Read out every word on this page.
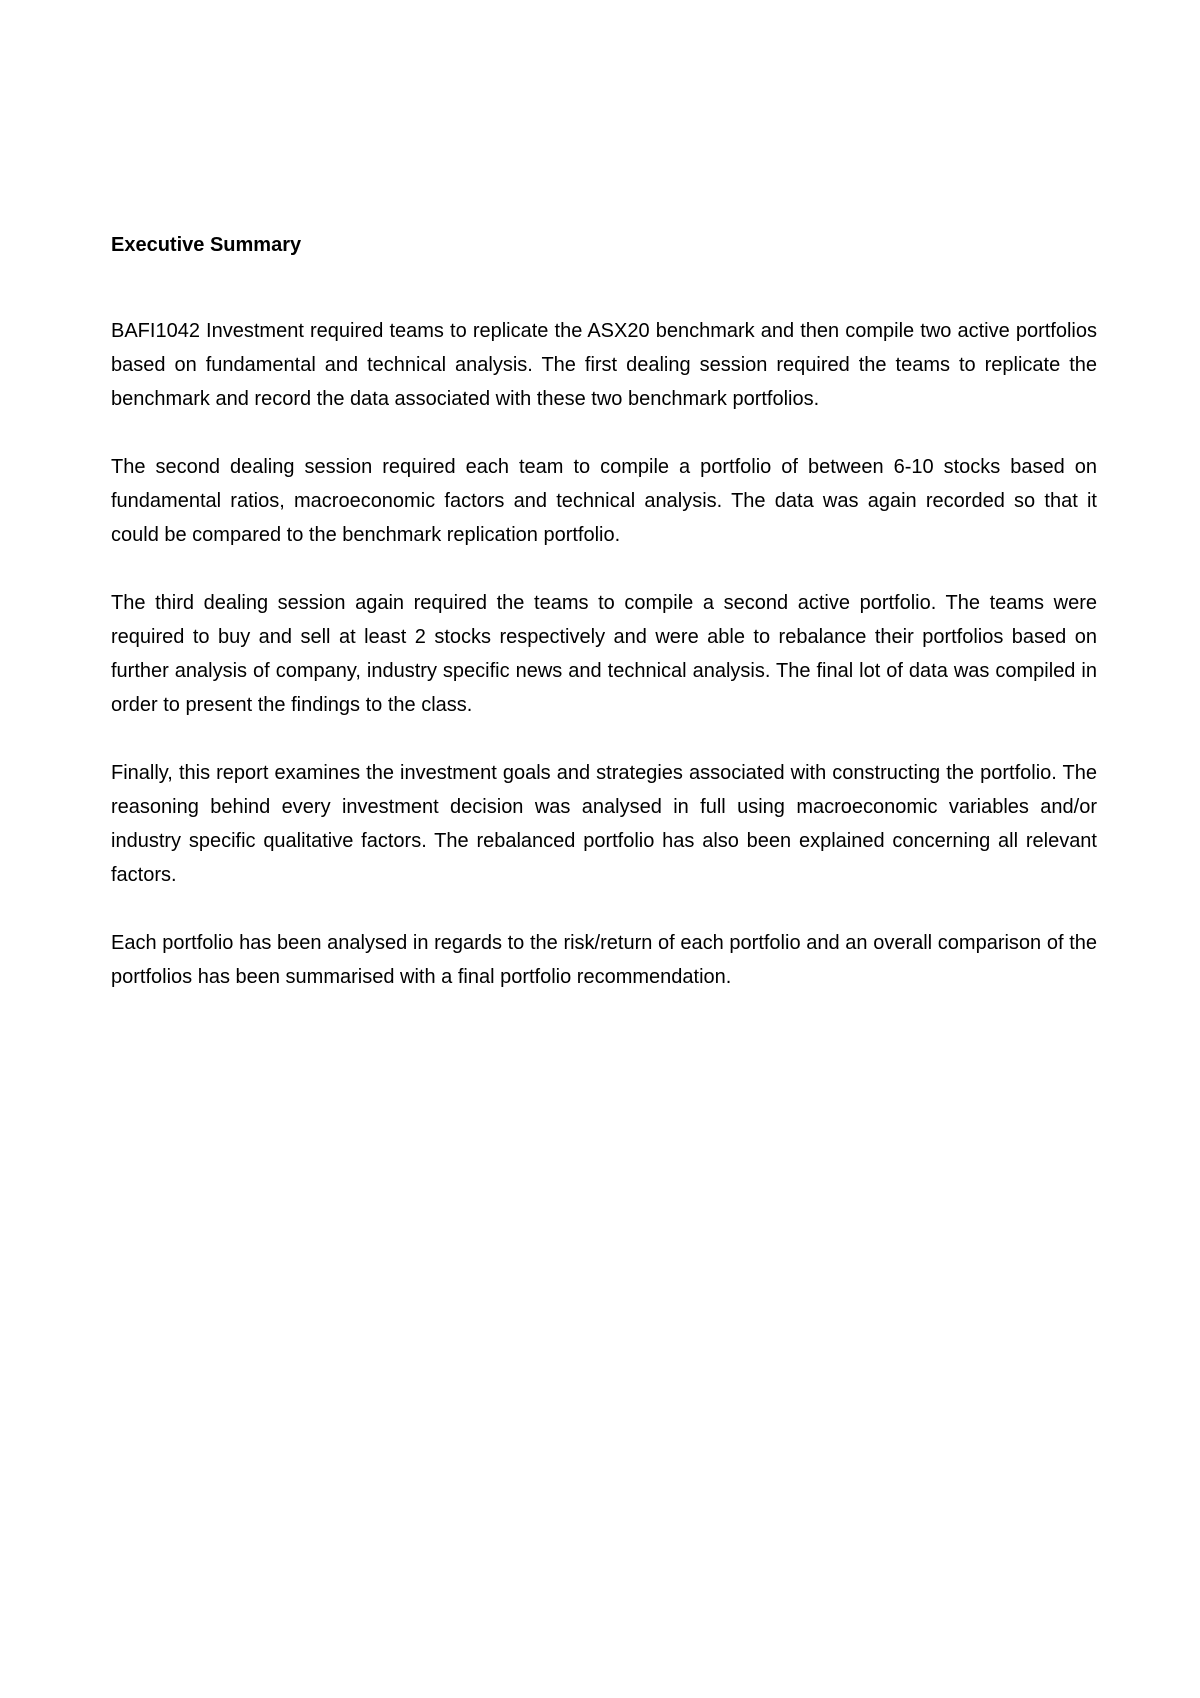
Executive Summary

BAFI1042 Investment required teams to replicate the ASX20 benchmark and then compile two active portfolios based on fundamental and technical analysis. The first dealing session required the teams to replicate the benchmark and record the data associated with these two benchmark portfolios.

The second dealing session required each team to compile a portfolio of between 6-10 stocks based on fundamental ratios, macroeconomic factors and technical analysis. The data was again recorded so that it could be compared to the benchmark replication portfolio.

The third dealing session again required the teams to compile a second active portfolio. The teams were required to buy and sell at least 2 stocks respectively and were able to rebalance their portfolios based on further analysis of company, industry specific news and technical analysis. The final lot of data was compiled in order to present the findings to the class.

Finally, this report examines the investment goals and strategies associated with constructing the portfolio. The reasoning behind every investment decision was analysed in full using macroeconomic variables and/or industry specific qualitative factors. The rebalanced portfolio has also been explained concerning all relevant factors.

Each portfolio has been analysed in regards to the risk/return of each portfolio and an overall comparison of the portfolios has been summarised with a final portfolio recommendation.
